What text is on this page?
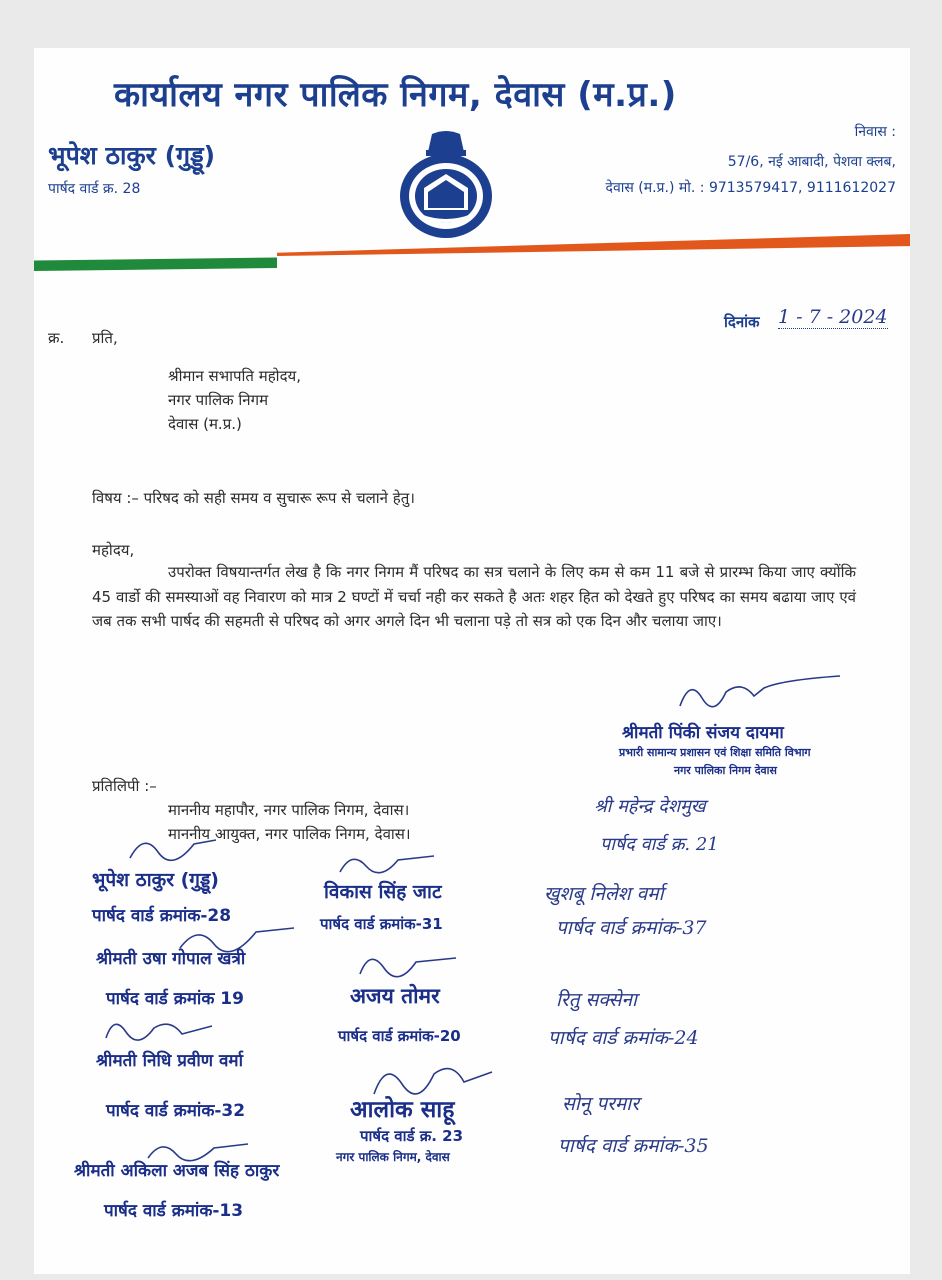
कार्यालय नगर पालिक निगम, देवास (म.प्र.)
भूपेश ठाकुर (गुड्डू)
पार्षद वार्ड क्र. 28
निवास :
57/6, नई आबादी, पेशवा क्लब,
देवास (म.प्र.) मो. : 9713579417, 9111612027
क्र. प्रति,
दिनांक 1 - 7 - 2024
श्रीमान सभापति महोदय,
नगर पालिक निगम
देवास (म.प्र.)
विषय :– परिषद को सही समय व सुचारू रूप से चलाने हेतु।
महोदय,
उपरोक्त विषयान्तर्गत लेख है कि नगर निगम मैं परिषद का सत्र चलाने के लिए कम से कम 11 बजे से प्रारम्भ किया जाए क्योंकि 45 वार्डो की समस्याओं वह निवारण को मात्र 2 घण्टों में चर्चा नही कर सकते है अतः शहर हित को देखते हुए परिषद का समय बढाया जाए एवं जब तक सभी पार्षद की सहमती से परिषद को अगर अगले दिन भी चलाना पड़े तो सत्र को एक दिन और चलाया जाए।
श्रीमती पिंकी संजय दायमा
प्रभारी सामान्य प्रशासन एवं शिक्षा समिति विभाग
नगर पालिका निगम देवास
प्रतिलिपी :–
माननीय महापौर, नगर पालिक निगम, देवास।
माननीय आयुक्त, नगर पालिक निगम, देवास।
भूपेश ठाकुर (गुड्डू)
पार्षद वार्ड क्रमांक-28
श्रीमती उषा गोपाल खत्री
पार्षद वार्ड क्रमांक 19
श्रीमती निधि प्रवीण वर्मा
पार्षद वार्ड क्रमांक-32
श्रीमती अकिला अजब सिंह ठाकुर
पार्षद वार्ड क्रमांक-13
विकास सिंह जाट
पार्षद वार्ड क्रमांक-31
अजय तोमर
पार्षद वार्ड क्रमांक-20
आलोक साहू
पार्षद वार्ड क्र. 23
नगर पालिक निगम, देवास
श्री महेन्द्र देशमुख
पार्षद वार्ड क्र. 21
खुशबू निलेश वर्मा
पार्षद वार्ड क्रमांक-37
रितु सक्सेना
पार्षद वार्ड क्रमांक-24
सोनू परमार
पार्षद वार्ड क्रमांक-35
